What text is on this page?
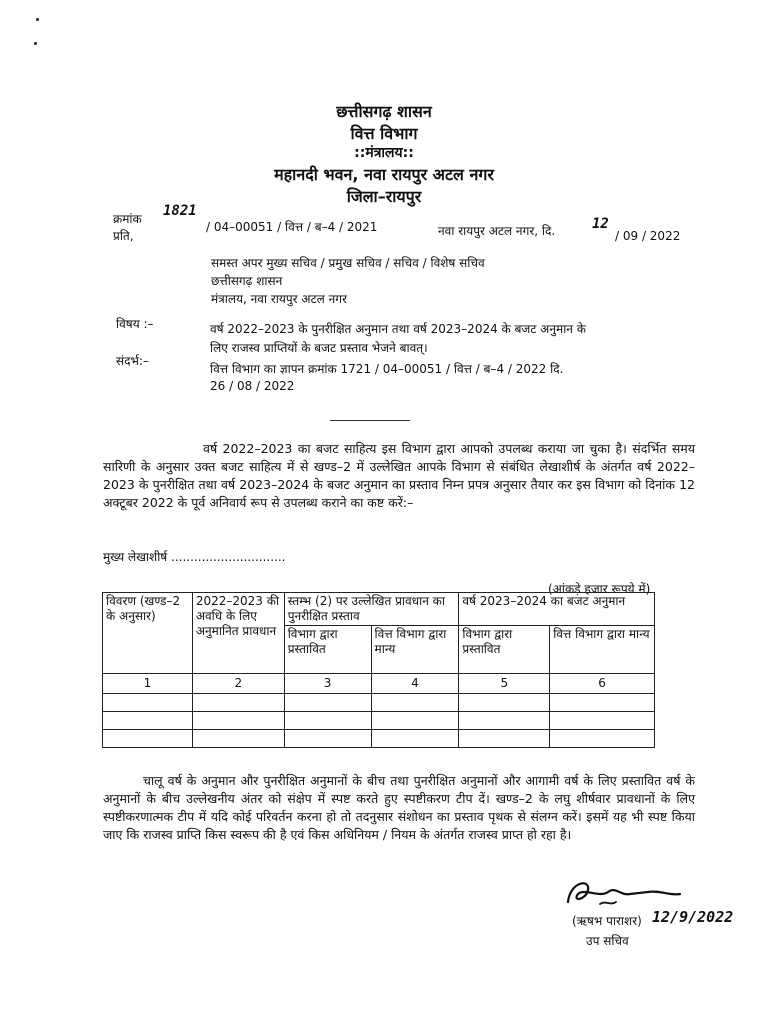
छत्तीसगढ़ शासन
वित्त विभाग
::मंत्रालय::
महानदी भवन, नवा रायपुर अटल नगर
जिला–रायपुर
क्रमांक 1821
/ 04–00051 / वित्त / ब–4 / 2021	नवा रायपुर अटल नगर, दि.	12
/ 09 / 2022
प्रति,
समस्त अपर मुख्य सचिव / प्रमुख सचिव / सचिव / विशेष सचिव
छत्तीसगढ़ शासन
मंत्रालय, नवा रायपुर अटल नगर
विषय :–	वर्ष 2022–2023 के पुनरीक्षित अनुमान तथा वर्ष 2023–2024 के बजट अनुमान के
लिए राजस्व प्राप्तियों के बजट प्रस्ताव भेजने बावत्।
संदर्भ:–
वित्त विभाग का ज्ञापन क्रमांक 1721 / 04–00051 / वित्त / ब–4 / 2022 दि.
26 / 08 / 2022
वर्ष 2022–2023 का बजट साहित्य इस विभाग द्वारा आपको उपलब्ध कराया जा चुका है। संदर्भित समय सारिणी के अनुसार उक्त बजट साहित्य में से खण्ड–2 में उल्लेखित आपके विभाग से संबंधित लेखाशीर्ष के अंतर्गत वर्ष 2022–2023 के पुनरीक्षित तथा वर्ष 2023–2024 के बजट अनुमान का प्रस्ताव निम्न प्रपत्र अनुसार तैयार कर इस विभाग को दिनांक 12 अक्टूबर 2022 के पूर्व अनिवार्य रूप से उपलब्ध कराने का कष्ट करें:–
मुख्य लेखाशीर्ष ..............................
(आंकड़े हजार रूपये में)
विवरण (खण्ड–2 के अनुसार)	2022–2023 की अवधि के लिए अनुमानित प्रावधान	स्तम्भ (2) पर उल्लेखित प्रावधान का पुनरीक्षित प्रस्ताव		वर्ष 2023–2024 का बजट अनुमान	
		विभाग द्वारा प्रस्तावित	वित्त विभाग द्वारा मान्य	विभाग द्वारा प्रस्तावित	वित्त विभाग द्वारा मान्य
1	2	3	4	5	6

चालू वर्ष के अनुमान और पुनरीक्षित अनुमानों के बीच तथा पुनरीक्षित अनुमानों और आगामी वर्ष के लिए प्रस्तावित वर्ष के अनुमानों के बीच उल्लेखनीय अंतर को संक्षेप में स्पष्ट करते हुए स्पष्टीकरण टीप दें। खण्ड–2 के लघु शीर्षवार प्रावधानों के लिए स्पष्टीकरणात्मक टीप में यदि कोई परिवर्तन करना हो तो तदनुसार संशोधन का प्रस्ताव पृथक से संलग्न करें। इसमें यह भी स्पष्ट किया जाए कि राजस्व प्राप्ति किस स्वरूप की है एवं किस अधिनियम / नियम के अंतर्गत राजस्व प्राप्त हो रहा है।
(ऋषभ पाराशर) 12/9/2022
उप सचिव
